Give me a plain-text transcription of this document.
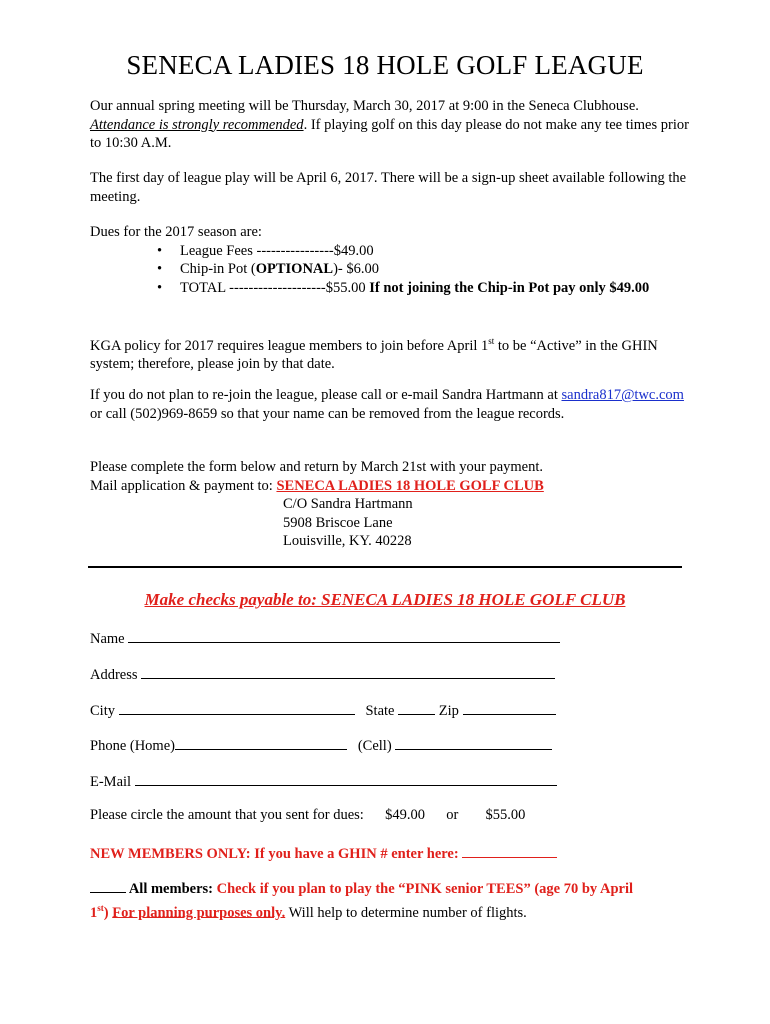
SENECA LADIES 18 HOLE GOLF LEAGUE
Our annual spring meeting will be Thursday, March 30, 2017 at 9:00 in the Seneca Clubhouse. Attendance is strongly recommended. If playing golf on this day please do not make any tee times prior to 10:30 A.M.
The first day of league play will be April 6, 2017. There will be a sign-up sheet available following the meeting.
Dues for the 2017 season are:
• League Fees ----------------$49.00
• Chip-in Pot (OPTIONAL)- $6.00
• TOTAL --------------------$55.00 If not joining the Chip-in Pot pay only $49.00
KGA policy for 2017 requires league members to join before April 1st to be “Active” in the GHIN system; therefore, please join by that date.
If you do not plan to re-join the league, please call or e-mail Sandra Hartmann at sandra817@twc.com or call (502)969-8659 so that your name can be removed from the league records.
Please complete the form below and return by March 21st with your payment.
Mail application & payment to: SENECA LADIES 18 HOLE GOLF CLUB
C/O Sandra Hartmann
5908 Briscoe Lane
Louisville, KY. 40228
Make checks payable to: SENECA LADIES 18 HOLE GOLF CLUB
Name
Address
City	State	Zip
Phone (Home)	(Cell)
E-Mail
Please circle the amount that you sent for dues: $49.00 or $55.00
NEW MEMBERS ONLY: If you have a GHIN # enter here:
All members: Check if you plan to play the “PINK senior TEES” (age 70 by April 1st) For planning purposes only. Will help to determine number of flights.
